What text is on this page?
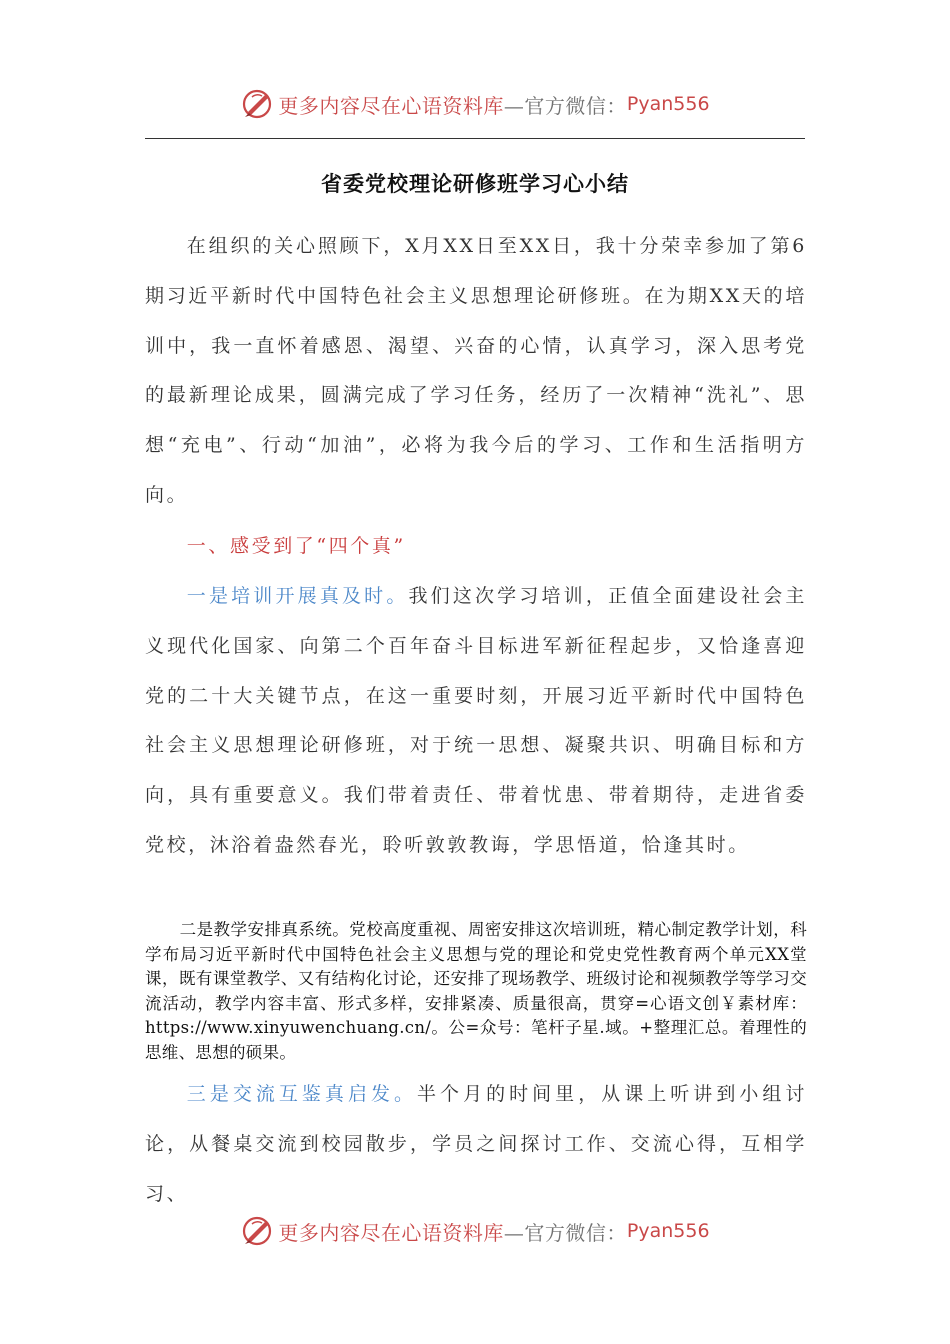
更多内容尽在心语资料库 —官方微信： Pyan556
省委党校理论研修班学习心小结

在组织的关心照顾下，X月XX日至XX日，我十分荣幸参加了第6期习近平新时代中国特色社会主义思想理论研修班。在为期XX天的培训中，我一直怀着感恩、渴望、兴奋的心情，认真学习，深入思考党的最新理论成果，圆满完成了学习任务，经历了一次精神“洗礼”、思想“充电”、行动“加油”，必将为我今后的学习、工作和生活指明方向。

一、感受到了“四个真”

一是培训开展真及时。我们这次学习培训，正值全面建设社会主义现代化国家、向第二个百年奋斗目标进军新征程起步，又恰逢喜迎党的二十大关键节点，在这一重要时刻，开展习近平新时代中国特色社会主义思想理论研修班，对于统一思想、凝聚共识、明确目标和方向，具有重要意义。我们带着责任、带着忧患、带着期待，走进省委党校，沐浴着盎然春光，聆听敦敦教诲，学思悟道，恰逢其时。

二是教学安排真系统。党校高度重视、周密安排这次培训班，精心制定教学计划，科学布局习近平新时代中国特色社会主义思想与党的理论和党史党性教育两个单元XX堂课，既有课堂教学、又有结构化讨论，还安排了现场教学、班级讨论和视频教学等学习交流活动，教学内容丰富、形式多样，安排紧凑、质量很高，贯穿=心语文创￥素材库：https://www.xinyuwenchuang.cn/。公=众号：笔杆子星.域。+整理汇总。着理性的思维、思想的硕果。

三是交流互鉴真启发。半个月的时间里，从课上听讲到小组讨论，从餐桌交流到校园散步，学员之间探讨工作、交流心得，互相学习、

更多内容尽在心语资料库 —官方微信： Pyan556
